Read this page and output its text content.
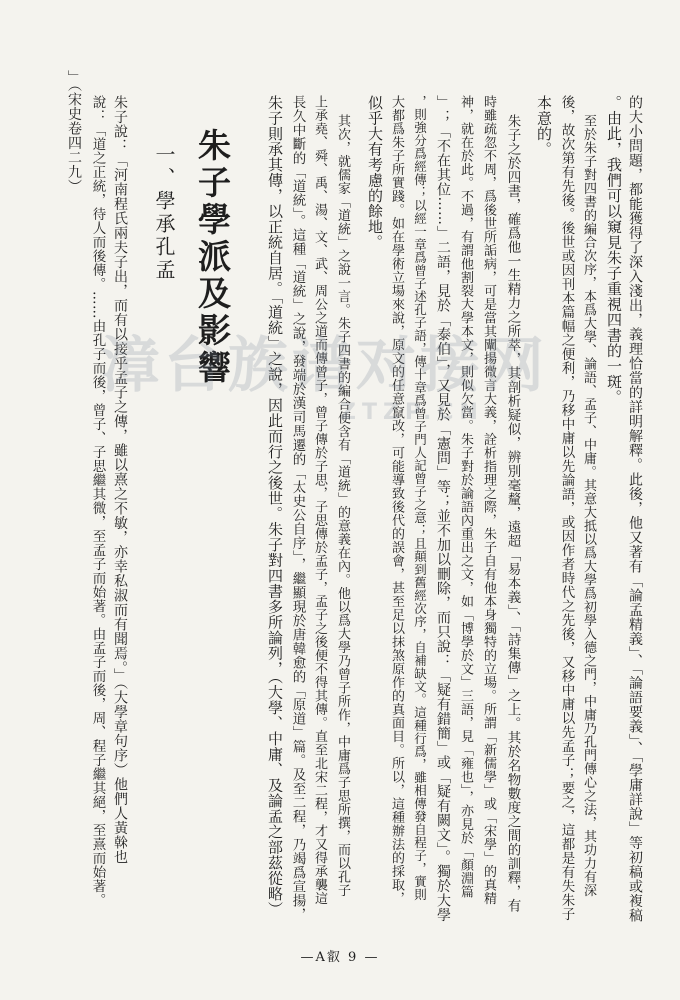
的大小問題，都能獲得了深入淺出，義理恰當的詳明解釋。此後，他又著有「論孟精義」、「論語要義」、「學庸詳說」等初稿或複稿
。由此，我們可以窺見朱子重視四書的一斑。
至於朱子對四書的編合次序，本爲大學、論語、孟子、中庸。其意大抵以爲大學爲初學入德之門，中庸乃孔門傳心之法，其功力有深
後，故次第有先後。後世或因刊本篇幅之便利，乃移中庸以先論語，或因作者時代之先後，又移中庸以先孟子；要之，這都是有失朱子
本意的。
朱子之於四書，確爲他一生精力之所萃，其剖析疑似，辨別毫釐，遠超「易本義」、「詩集傳」之上。其於名物數度之間的訓釋，有
時雖疏忽不周，爲後世所詬病，可是當其闡揚微言大義，詮析指理之際，朱子自有他本身獨特的立場。所謂「新儒學」或「宋學」的真精
神，就在於此。不過，有謂他割裂大學本文，則似欠當。朱子對於論語內重出之文，如「博學於文」三語，見「雍也」，亦見於「顏淵篇
」；「不在其位……」二語，見於「泰伯」，又見於「憲問」等；並不加以刪除，而只說：「疑有錯簡」或「疑有闕文」。獨於大學
，則強分爲經傳；以經一章爲曾子述孔子語，傳十章爲曾子門人記曾子之意；且顛到舊經次序，自補缺文。這種行爲，雖相傳發自程子，實則
大都爲朱子所實踐。如在學術立場來說，原文的任意竄改，可能導致後代的誤會，甚至足以抹煞原作的真面目。所以，這種辦法的採取，
似乎大有考慮的餘地。
其次，就儒家「道統」之說一言。朱子四書的編合便含有「道統」的意義在內。他以爲大學乃曾子所作，中庸爲子思所撰，而以孔子
上承堯、舜、禹、湯、文、武、周公之道而傳曾子，曾子傳於子思，子思傳於孟子，孟子之後便不得其傳。直至北宋二程，才又得承襲這
長久中斷的「道統」。這種「道統」之說，發端於漢司馬遷的「太史公自序」，繼顯現於唐韓愈的「原道」篇。及至二程，乃竭爲宣揚，
朱子則承其傳，以正統自居。「道統」之說，因此而行之後世。朱子對四書多所論列，（大學、中庸、及論孟之部茲從略）
朱子學派及影響
一、學承孔孟
朱子說：「河南程氏兩夫子出，而有以接乎孟子之傳，雖以熹之不敏，亦幸私淑而有聞焉。」（大學章句序）他們人黃榦也
說：「道之正統，待人而後傳。……由孔子而後，曾子、子思繼其微，至孟子而始著。由孟子而後，周、程子繼其絕，至熹而始著。
」（宋史卷四二九）
漳台族谱对接网
ZTZP.CN
—A叡 9 —
